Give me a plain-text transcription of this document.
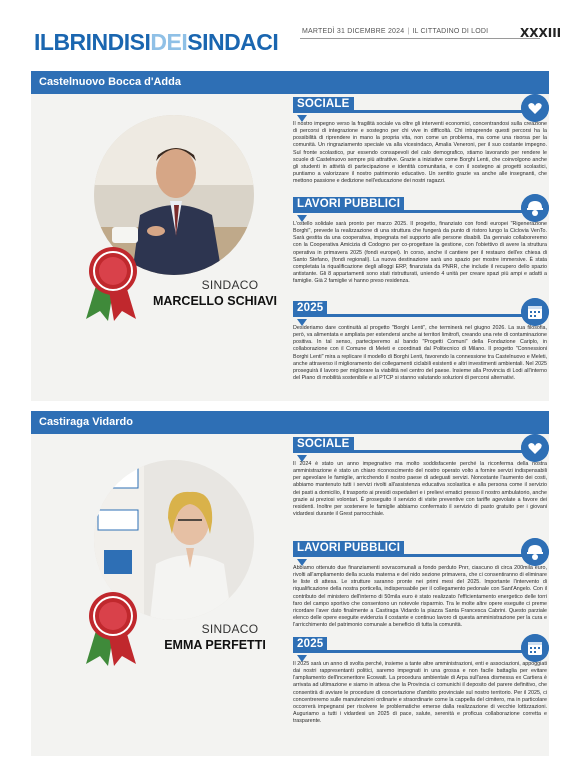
ILBRINDISIDEISINDACI	MARTEDÌ 31 DICEMBRE 2024 | IL CITTADINO DI LODI	XXXIII
Castelnuovo Bocca d'Adda
SINDACO
MARCELLO SCHIAVI
SOCIALE
Il nostro impegno verso la fragilità sociale va oltre gli interventi economici, concentrandosi sulla creazione di percorsi di integrazione e sostegno per chi vive in difficoltà. Chi intraprende questi percorsi ha la possibilità di riprendere in mano la propria vita, non come un problema, ma come una risorsa per la comunità. Un ringraziamento speciale va alla vicesindaco, Amalia Veneroni, per il suo costante impegno. Sul fronte scolastico, pur essendo consapevoli del calo demografico, stiamo lavorando per rendere le scuole di Castelnuovo sempre più attrattive. Grazie a iniziative come Borghi Lenti, che coinvolgono anche gli studenti in attività di partecipazione e identità comunitaria, e con il sostegno ai progetti scolastici, puntiamo a valorizzare il nostro patrimonio educativo. Un sentito grazie va anche alle insegnanti, che mettono passione e dedizione nell'educazione dei nostri ragazzi.
LAVORI PUBBLICI
L'ostello solidale sarà pronto per marzo 2025. Il progetto, finanziato con fondi europei "Rigenerazione Borghi", prevede la realizzazione di una struttura che fungerà da punto di ristoro lungo la Ciclovia VenTo. Sarà gestita da una cooperativa, impegnata nel supporto alle persone disabili. Da gennaio collaboreremo con la Cooperativa Amicizia di Codogno per co-progettare la gestione, con l'obiettivo di avere la struttura operativa in primavera 2025 (fondi europei). In corso, anche il cantiere per il restauro dell'ex chiesa di Santo Stefano, (fondi regionali). La nuova destinazione sarà uno spazio per mostre immersive. È stata completata la riqualificazione degli alloggi ERP, finanziata da PNRR, che include il recupero dello spazio antistante. Gli 8 appartamenti sono stati ristrutturati, uniendo 4 unità per creare spazi più ampi e adatti a famiglie. Già 2 famiglie vi hanno preso residenza.
2025
Desideriamo dare continuità al progetto "Borghi Lenti", che terminerà nel giugno 2026. La sua filosofia, però, va alimentata e ampliata per estendersi anche ai territori limitrofi, creando una rete di contaminazione positiva. In tal senso, parteciperemo al bando "Progetti Comuni" della Fondazione Cariplo, in collaborazione con il Comune di Meleti e coordinati dal Politecnico di Milano. Il progetto "Connessioni Borghi Lenti" mira a replicare il modello di Borghi Lenti, favorendo la connessione tra Castelnuovo e Meleti, anche attraverso il miglioramento dei collegamenti ciclabili esistenti e altri investimenti ambientali. Nel 2025 proseguirà il lavoro per migliorare la viabilità nel centro del paese. Insieme alla Provincia di Lodi all'interno del Piano di mobilità sostenibile e al PTCP si stanno valutando soluzioni di percorsi alternativi.
Castiraga Vidardo
SINDACO
EMMA PERFETTI
SOCIALE
Il 2024 è stato un anno impegnativo ma molto soddisfacente perché la riconferma della nostra amministrazione è stato un chiaro riconoscimento del nostro operato volto a fornire servizi indispensabili per agevolare le famiglie, arricchendo il nostro paese di adeguati servizi. Nonostante l'aumento dei costi, abbiamo mantenuto tutti i servizi rivolti all'assistenza educativa scolastica e alla persona come il servizio dei pasti a domicilio, il trasporto ai presidi ospedalieri e i prelievi ematici presso il nostro ambulatorio, anche grazie ai preziosi volontari. È proseguito il servizio di visite preventive con tariffe agevolate a favore dei residenti. Inoltre per sostenere le famiglie abbiamo confermato il servizio di pasto gratuito per i giovani vidardesi durante il Grest parrocchiale.
LAVORI PUBBLICI
Abbiamo ottenuto due finanziamenti sovracomunali a fondo perduto Pnrr, ciascuno di circa 200mila euro, rivolti all'ampliamento della scuola materna e del nido sezione primavera, che ci consentiranno di eliminare le liste di attesa. Le strutture saranno pronte nei primi mesi del 2025. Importante l'intervento di riqualificazione della nostra porticella, indispensabile per il collegamento pedonale con Sant'Angelo. Con il contributo del ministero dell'interno di 50mila euro è stato realizzato l'efficientamento energetico delle torri faro del campo sportivo che consentono un notevole risparmio. Tra le molte altre opere eseguite ci preme ricordare l'aver dato finalmente a Castiraga Vidardo la piazza Santa Francesca Cabrini. Questo parziale elenco delle opere eseguite evidenzia il costante e continuo lavoro di questa amministrazione per la cura e l'arricchimento del patrimonio comunale a beneficio di tutta la comunità.
2025
Il 2025 sarà un anno di svolta perché, insieme a tante altre amministrazioni, enti e associazioni, appoggiati dai nostri rappresentanti politici, saremo impegnati in una grossa e non facile battaglia per evitare l'ampliamento dell'inceneritore Ecowatt. La procedura ambientale di Arpa sull'area dismessa ex Cartiera è arrivata ad ultimazione e siamo in attesa che la Provincia ci comunichi il deposito del parere definitivo, che consentirà di avviare le procedure di concertazione d'ambito provinciale sul nostro territorio. Per il 2025, ci concentreremo sulle manutenzioni ordinarie e straordinarie come la cappella del cimitero, ma in particolare occorrerà impegnarsi per risolvere le problematiche emerse dalla realizzazione di vecchie lottizzazioni. Auguriamo a tutti i vidardesi un 2025 di pace, salute, serenità e proficua collaborazione corretta e trasparente.
